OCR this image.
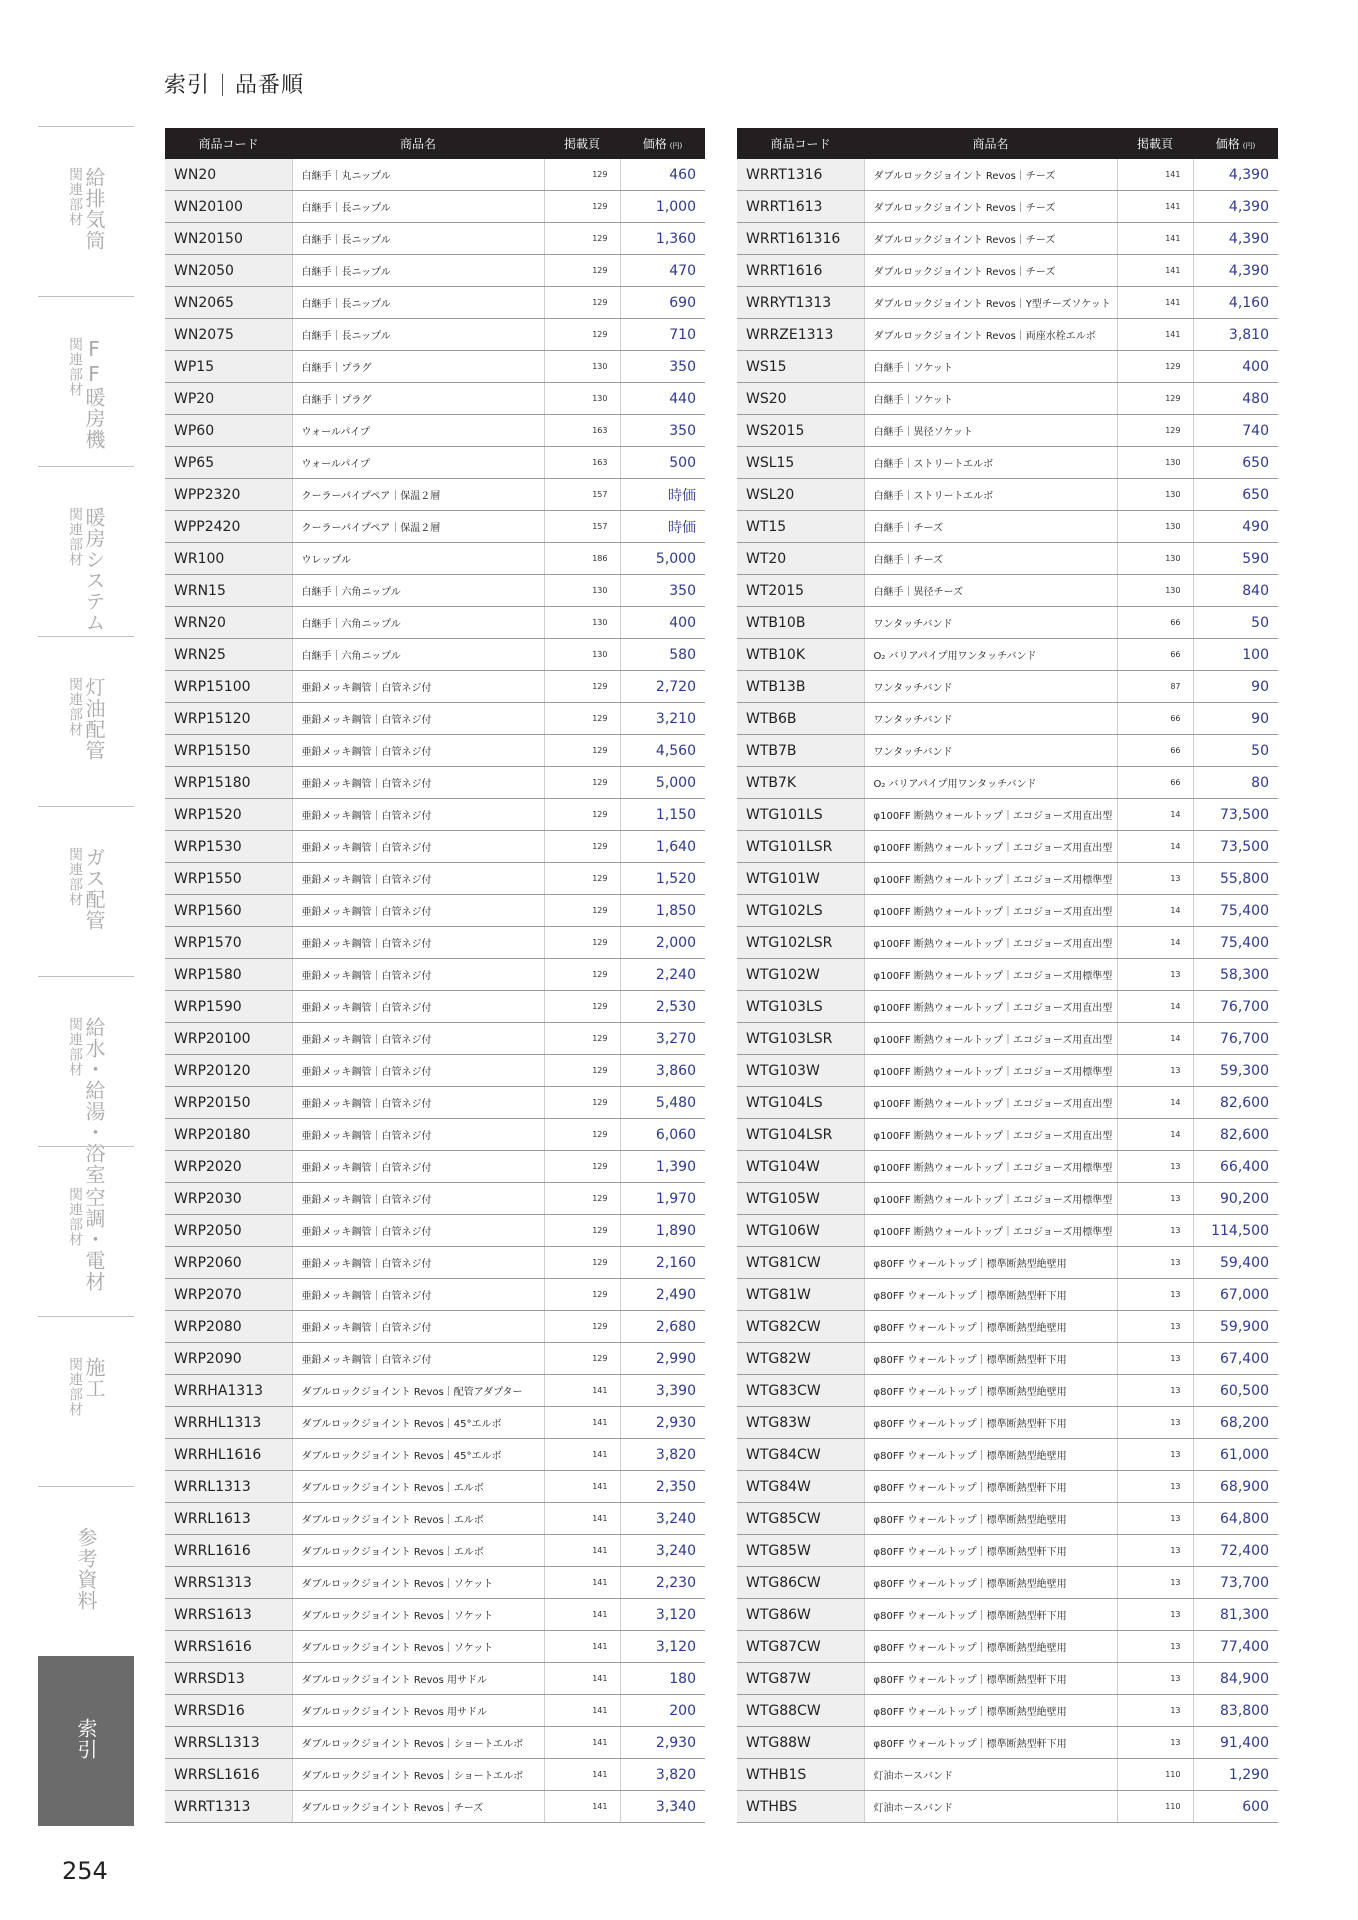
索引 品番順
給排気筒
関連部材
FF暖房機
関連部材
暖房システム
関連部材
灯油配管
関連部材
ガス配管
関連部材
給水・給湯・浴室
関連部材
空調・電材
関連部材
施工
関連部材
参考資料
索引
商品コード	商品名	掲載頁	価格 (円)
WN20	白継手｜丸ニップル	129	460
WN20100	白継手｜長ニップル	129	1,000
WN20150	白継手｜長ニップル	129	1,360
WN2050	白継手｜長ニップル	129	470
WN2065	白継手｜長ニップル	129	690
WN2075	白継手｜長ニップル	129	710
WP15	白継手｜プラグ	130	350
WP20	白継手｜プラグ	130	440
WP60	ウォールパイプ	163	350
WP65	ウォールパイプ	163	500
WPP2320	クーラーパイプペア｜保温２層	157	時価
WPP2420	クーラーパイプペア｜保温２層	157	時価
WR100	ウレップル	186	5,000
WRN15	白継手｜六角ニップル	130	350
WRN20	白継手｜六角ニップル	130	400
WRN25	白継手｜六角ニップル	130	580
WRP15100	亜鉛メッキ鋼管｜白管ネジ付	129	2,720
WRP15120	亜鉛メッキ鋼管｜白管ネジ付	129	3,210
WRP15150	亜鉛メッキ鋼管｜白管ネジ付	129	4,560
WRP15180	亜鉛メッキ鋼管｜白管ネジ付	129	5,000
WRP1520	亜鉛メッキ鋼管｜白管ネジ付	129	1,150
WRP1530	亜鉛メッキ鋼管｜白管ネジ付	129	1,640
WRP1550	亜鉛メッキ鋼管｜白管ネジ付	129	1,520
WRP1560	亜鉛メッキ鋼管｜白管ネジ付	129	1,850
WRP1570	亜鉛メッキ鋼管｜白管ネジ付	129	2,000
WRP1580	亜鉛メッキ鋼管｜白管ネジ付	129	2,240
WRP1590	亜鉛メッキ鋼管｜白管ネジ付	129	2,530
WRP20100	亜鉛メッキ鋼管｜白管ネジ付	129	3,270
WRP20120	亜鉛メッキ鋼管｜白管ネジ付	129	3,860
WRP20150	亜鉛メッキ鋼管｜白管ネジ付	129	5,480
WRP20180	亜鉛メッキ鋼管｜白管ネジ付	129	6,060
WRP2020	亜鉛メッキ鋼管｜白管ネジ付	129	1,390
WRP2030	亜鉛メッキ鋼管｜白管ネジ付	129	1,970
WRP2050	亜鉛メッキ鋼管｜白管ネジ付	129	1,890
WRP2060	亜鉛メッキ鋼管｜白管ネジ付	129	2,160
WRP2070	亜鉛メッキ鋼管｜白管ネジ付	129	2,490
WRP2080	亜鉛メッキ鋼管｜白管ネジ付	129	2,680
WRP2090	亜鉛メッキ鋼管｜白管ネジ付	129	2,990
WRRHA1313	ダブルロックジョイント Revos｜配管アダプター	141	3,390
WRRHL1313	ダブルロックジョイント Revos｜45°エルボ	141	2,930
WRRHL1616	ダブルロックジョイント Revos｜45°エルボ	141	3,820
WRRL1313	ダブルロックジョイント Revos｜エルボ	141	2,350
WRRL1613	ダブルロックジョイント Revos｜エルボ	141	3,240
WRRL1616	ダブルロックジョイント Revos｜エルボ	141	3,240
WRRS1313	ダブルロックジョイント Revos｜ソケット	141	2,230
WRRS1613	ダブルロックジョイント Revos｜ソケット	141	3,120
WRRS1616	ダブルロックジョイント Revos｜ソケット	141	3,120
WRRSD13	ダブルロックジョイント Revos 用サドル	141	180
WRRSD16	ダブルロックジョイント Revos 用サドル	141	200
WRRSL1313	ダブルロックジョイント Revos｜ショートエルボ	141	2,930
WRRSL1616	ダブルロックジョイント Revos｜ショートエルボ	141	3,820
WRRT1313	ダブルロックジョイント Revos｜チーズ	141	3,340
商品コード	商品名	掲載頁	価格 (円)
WRRT1316	ダブルロックジョイント Revos｜チーズ	141	4,390
WRRT1613	ダブルロックジョイント Revos｜チーズ	141	4,390
WRRT161316	ダブルロックジョイント Revos｜チーズ	141	4,390
WRRT1616	ダブルロックジョイント Revos｜チーズ	141	4,390
WRRYT1313	ダブルロックジョイント Revos｜Y型チーズソケット	141	4,160
WRRZE1313	ダブルロックジョイント Revos｜両座水栓エルボ	141	3,810
WS15	白継手｜ソケット	129	400
WS20	白継手｜ソケット	129	480
WS2015	白継手｜異径ソケット	129	740
WSL15	白継手｜ストリートエルボ	130	650
WSL20	白継手｜ストリートエルボ	130	650
WT15	白継手｜チーズ	130	490
WT20	白継手｜チーズ	130	590
WT2015	白継手｜異径チーズ	130	840
WTB10B	ワンタッチバンド	66	50
WTB10K	O₂ バリアパイプ用ワンタッチバンド	66	100
WTB13B	ワンタッチバンド	87	90
WTB6B	ワンタッチバンド	66	90
WTB7B	ワンタッチバンド	66	50
WTB7K	O₂ バリアパイプ用ワンタッチバンド	66	80
WTG101LS	φ100FF 断熱ウォールトップ｜エコジョーズ用直出型	14	73,500
WTG101LSR	φ100FF 断熱ウォールトップ｜エコジョーズ用直出型	14	73,500
WTG101W	φ100FF 断熱ウォールトップ｜エコジョーズ用標準型	13	55,800
WTG102LS	φ100FF 断熱ウォールトップ｜エコジョーズ用直出型	14	75,400
WTG102LSR	φ100FF 断熱ウォールトップ｜エコジョーズ用直出型	14	75,400
WTG102W	φ100FF 断熱ウォールトップ｜エコジョーズ用標準型	13	58,300
WTG103LS	φ100FF 断熱ウォールトップ｜エコジョーズ用直出型	14	76,700
WTG103LSR	φ100FF 断熱ウォールトップ｜エコジョーズ用直出型	14	76,700
WTG103W	φ100FF 断熱ウォールトップ｜エコジョーズ用標準型	13	59,300
WTG104LS	φ100FF 断熱ウォールトップ｜エコジョーズ用直出型	14	82,600
WTG104LSR	φ100FF 断熱ウォールトップ｜エコジョーズ用直出型	14	82,600
WTG104W	φ100FF 断熱ウォールトップ｜エコジョーズ用標準型	13	66,400
WTG105W	φ100FF 断熱ウォールトップ｜エコジョーズ用標準型	13	90,200
WTG106W	φ100FF 断熱ウォールトップ｜エコジョーズ用標準型	13	114,500
WTG81CW	φ80FF ウォールトップ｜標準断熱型絶壁用	13	59,400
WTG81W	φ80FF ウォールトップ｜標準断熱型軒下用	13	67,000
WTG82CW	φ80FF ウォールトップ｜標準断熱型絶壁用	13	59,900
WTG82W	φ80FF ウォールトップ｜標準断熱型軒下用	13	67,400
WTG83CW	φ80FF ウォールトップ｜標準断熱型絶壁用	13	60,500
WTG83W	φ80FF ウォールトップ｜標準断熱型軒下用	13	68,200
WTG84CW	φ80FF ウォールトップ｜標準断熱型絶壁用	13	61,000
WTG84W	φ80FF ウォールトップ｜標準断熱型軒下用	13	68,900
WTG85CW	φ80FF ウォールトップ｜標準断熱型絶壁用	13	64,800
WTG85W	φ80FF ウォールトップ｜標準断熱型軒下用	13	72,400
WTG86CW	φ80FF ウォールトップ｜標準断熱型絶壁用	13	73,700
WTG86W	φ80FF ウォールトップ｜標準断熱型軒下用	13	81,300
WTG87CW	φ80FF ウォールトップ｜標準断熱型絶壁用	13	77,400
WTG87W	φ80FF ウォールトップ｜標準断熱型軒下用	13	84,900
WTG88CW	φ80FF ウォールトップ｜標準断熱型絶壁用	13	83,800
WTG88W	φ80FF ウォールトップ｜標準断熱型軒下用	13	91,400
WTHB1S	灯油ホースバンド	110	1,290
WTHBS	灯油ホースバンド	110	600
254
